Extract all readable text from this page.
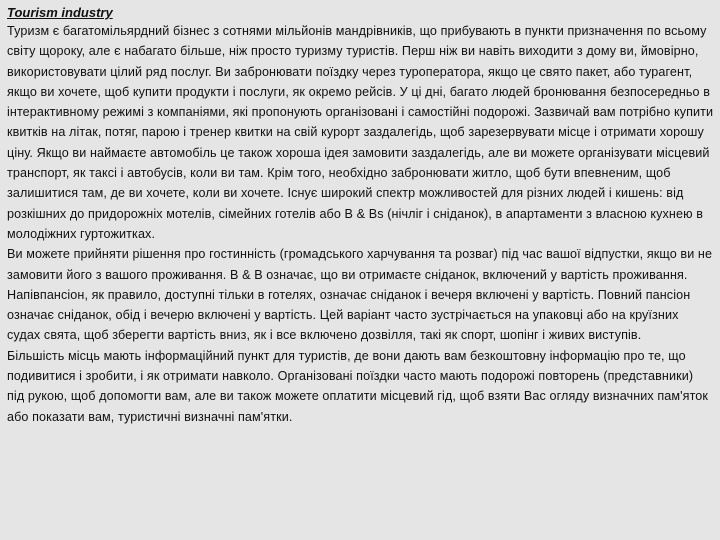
Tourism industry

Туризм є багатомільярдний бізнес з сотнями мільйонів мандрівників, що прибувають в пункти призначення по всьому світу щороку, але є набагато більше, ніж просто туризму туристів. Перш ніж ви навіть виходити з дому ви, ймовірно, використовувати цілий ряд послуг. Ви забронювати поїздку через туроператора, якщо це свято пакет, або турагент, якщо ви хочете, щоб купити продукти і послуги, як окремо рейсів. У ці дні, багато людей бронювання безпосередньо в інтерактивному режимі з компаніями, які пропонують організовані і самостійні подорожі. Зазвичай вам потрібно купити квитків на літак, потяг, парою і тренер квитки на свій курорт заздалегідь, щоб зарезервувати місце і отримати хорошу ціну. Якщо ви наймаєте автомобіль це також хороша ідея замовити заздалегідь, але ви можете організувати місцевий транспорт, як таксі і автобусів, коли ви там. Крім того, необхідно забронювати житло, щоб бути впевненим, щоб залишитися там, де ви хочете, коли ви хочете. Існує широкий спектр можливостей для різних людей і кишень: від розкішних до придорожніх мотелів, сімейних готелів або B & Bs (нічліг і сніданок), в апартаменти з власною кухнею в молодіжних гуртожитках.

Ви можете прийняти рішення про гостинність (громадського харчування та розваг) під час вашої відпустки, якщо ви не замовити його з вашого проживання. B & B означає, що ви отримаєте сніданок, включений у вартість проживання. Напівпансіон, як правило, доступні тільки в готелях, означає сніданок і вечеря включені у вартість. Повний пансіон означає сніданок, обід і вечерю включені у вартість. Цей варіант часто зустрічається на упаковці або на круїзних судах свята, щоб зберегти вартість вниз, як і все включено дозвілля, такі як спорт, шопінг і живих виступів.

Більшість місць мають інформаційний пункт для туристів, де вони дають вам безкоштовну інформацію про те, що подивитися і зробити, і як отримати навколо. Організовані поїздки часто мають подорожі повторень (представники) під рукою, щоб допомогти вам, але ви також можете оплатити місцевий гід, щоб взяти Вас огляду визначних пам'яток або показати вам, туристичні визначні пам'ятки.
